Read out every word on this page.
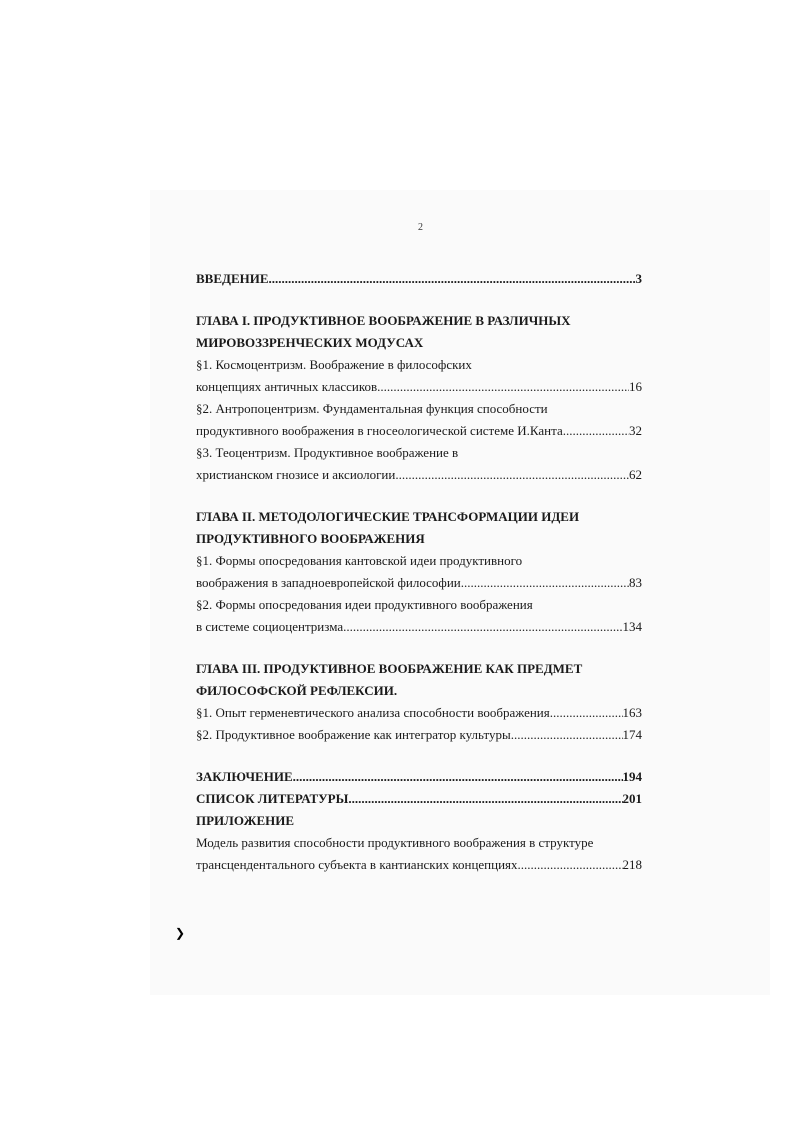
2
ВВЕДЕНИЕ .....	3
ГЛАВА I. ПРОДУКТИВНОЕ ВООБРАЖЕНИЕ В РАЗЛИЧНЫХ
МИРОВОЗЗРЕНЧЕСКИХ МОДУСАХ
§1. Космоцентризм. Воображение в философских
концепциях античных классиков .....	16
§2. Антропоцентризм. Фундаментальная функция способности
продуктивного воображения в гносеологической системе И.Канта .....	32
§3. Теоцентризм. Продуктивное воображение в
христианском гнозисе и аксиологии .....	62
ГЛАВА II. МЕТОДОЛОГИЧЕСКИЕ ТРАНСФОРМАЦИИ ИДЕИ
ПРОДУКТИВНОГО ВООБРАЖЕНИЯ
§1. Формы опосредования кантовской идеи продуктивного
воображения в западноевропейской философии .....	83
§2. Формы опосредования идеи продуктивного воображения
в системе социоцентризма .....	134
ГЛАВА III. ПРОДУКТИВНОЕ ВООБРАЖЕНИЕ КАК ПРЕДМЕТ
ФИЛОСОФСКОЙ РЕФЛЕКСИИ.
§1. Опыт герменевтического анализа способности воображения .....	163
§2. Продуктивное воображение как интегратор культуры .....	174
ЗАКЛЮЧЕНИЕ .....	194
СПИСОК ЛИТЕРАТУРЫ .....	201
ПРИЛОЖЕНИЕ
Модель развития способности продуктивного воображения в структуре
трансцендентального субъекта в кантианских концепциях .....	218
❯
